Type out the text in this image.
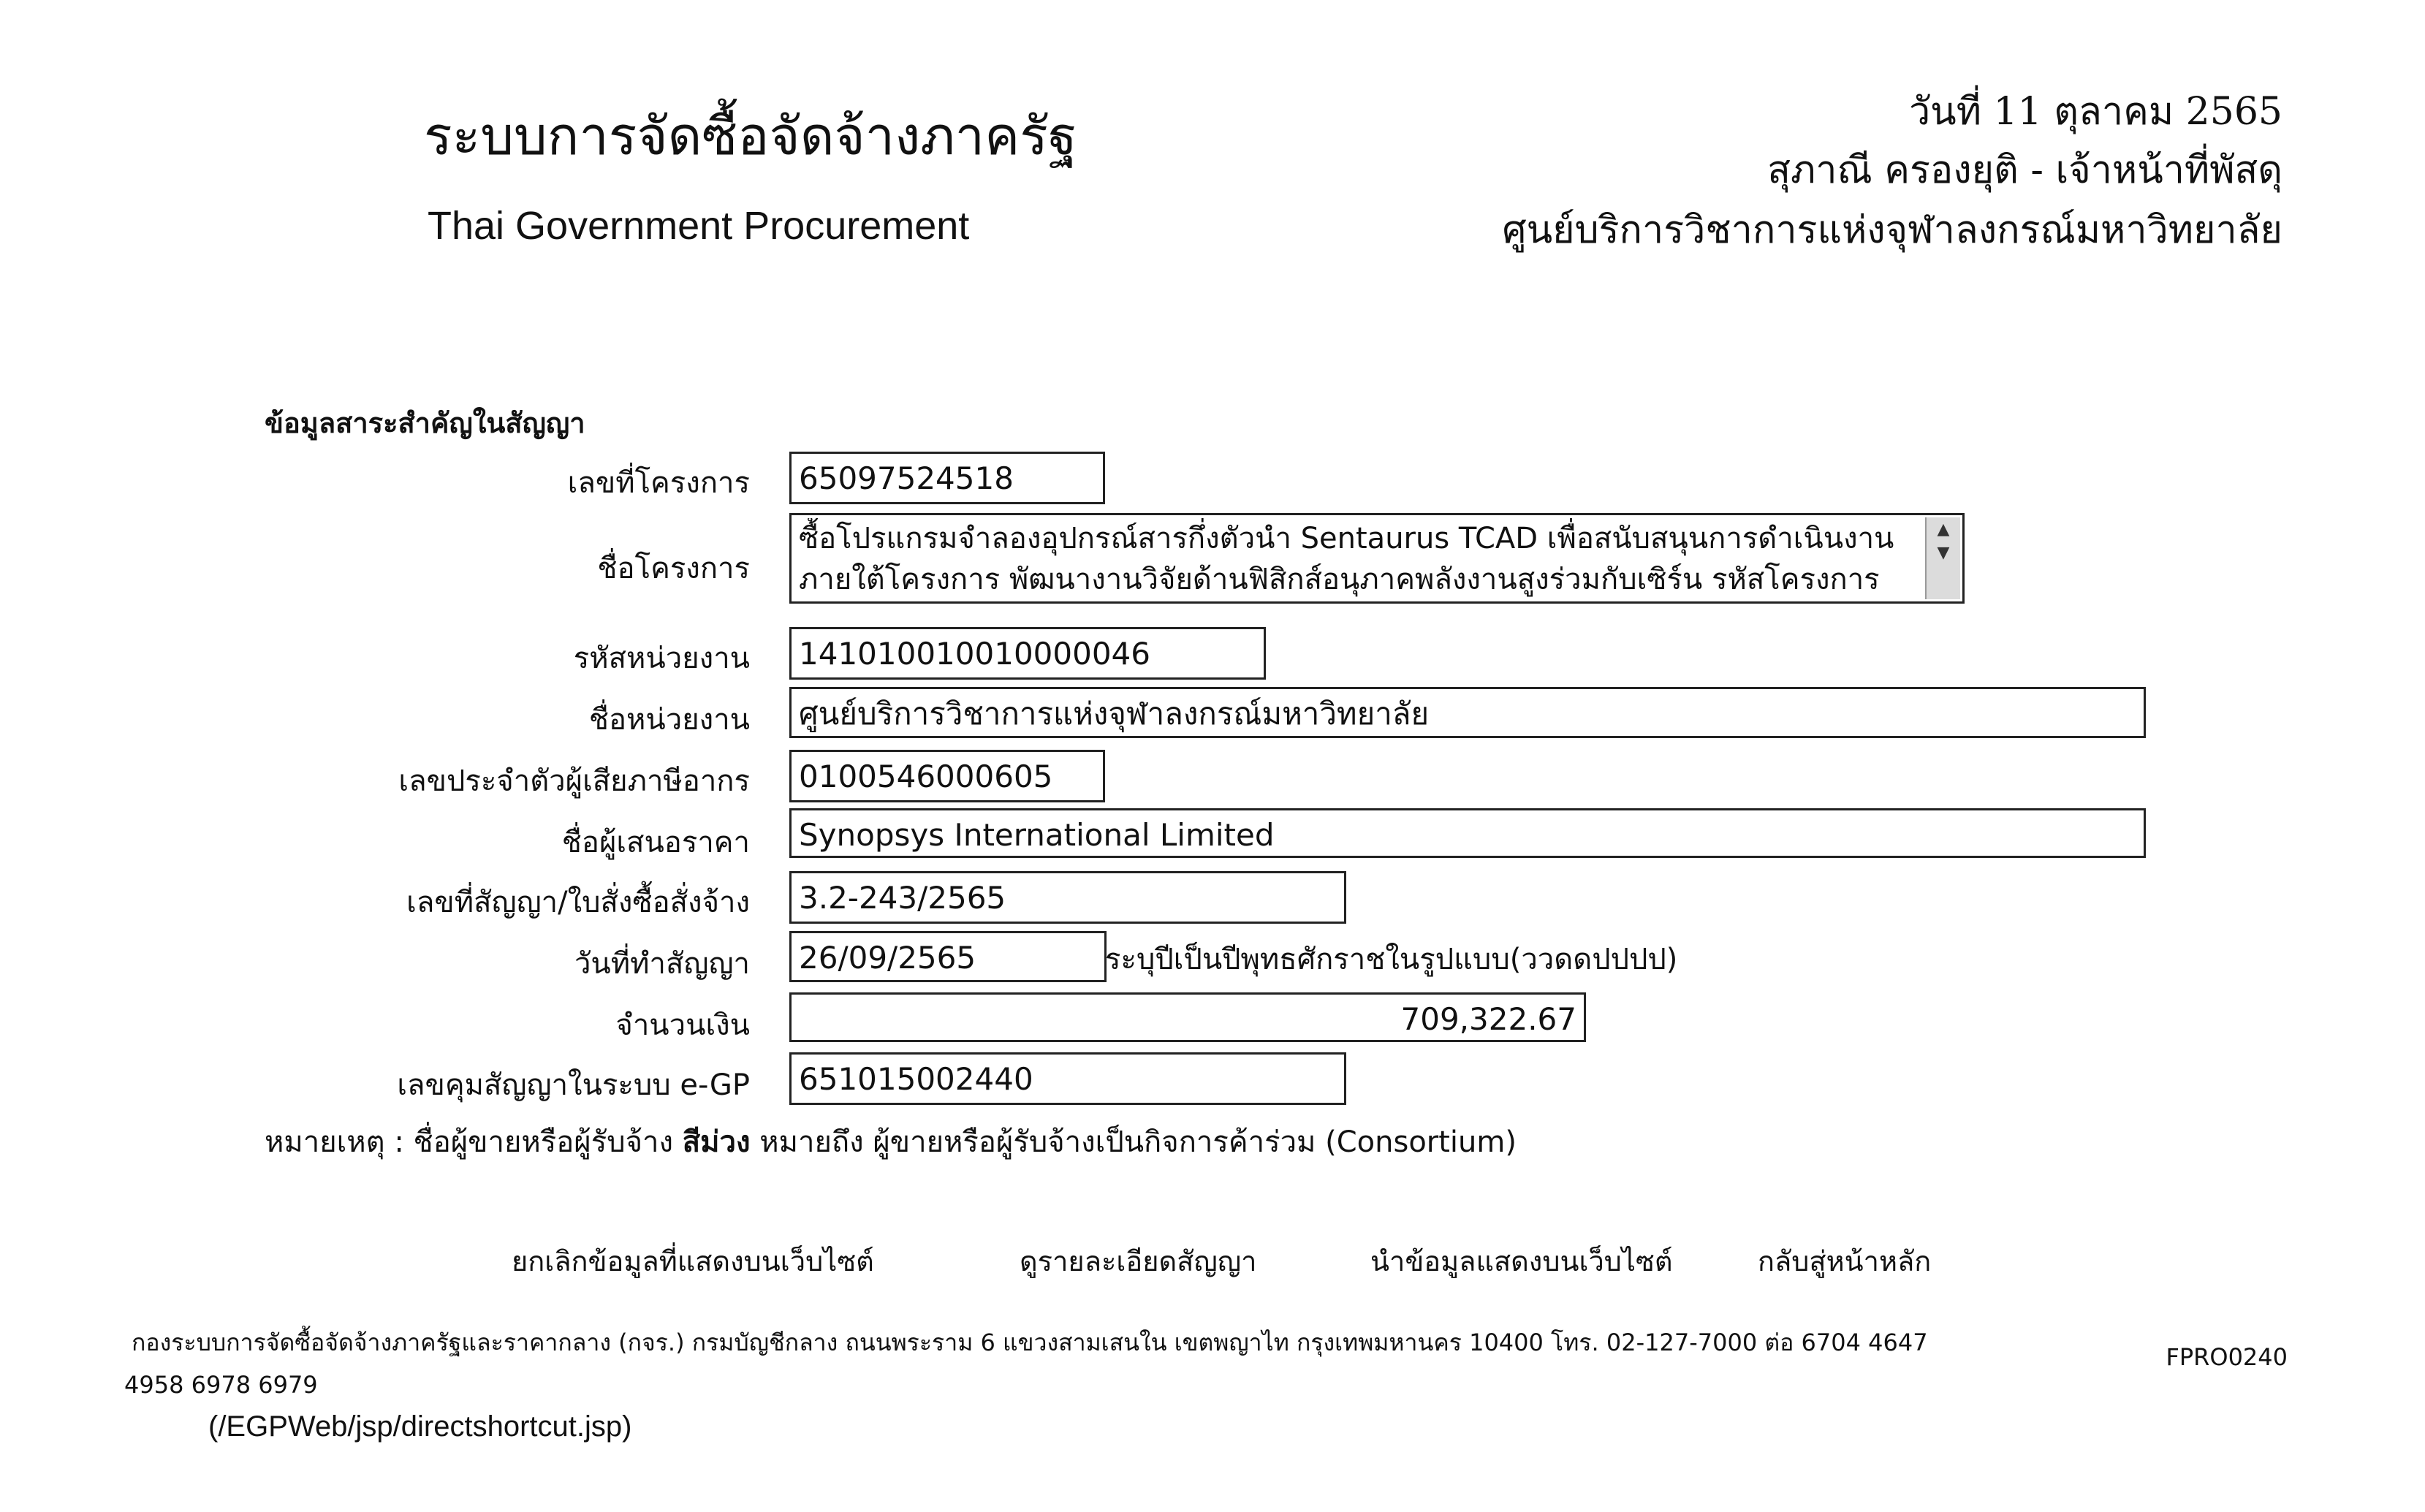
ระบบการจัดซื้อจัดจ้างภาครัฐ
Thai Government Procurement
วันที่ 11 ตุลาคม 2565
สุภาณี ครองยุติ - เจ้าหน้าที่พัสดุ
ศูนย์บริการวิชาการแห่งจุฬาลงกรณ์มหาวิทยาลัย
ข้อมูลสาระสำคัญในสัญญา
เลขที่โครงการ	65097524518
ชื่อโครงการ
ซื้อโปรแกรมจำลองอุปกรณ์สารกึ่งตัวนำ Sentaurus TCAD เพื่อสนับสนุนการดำเนินงาน
ภายใต้โครงการ พัฒนางานวิจัยด้านฟิสิกส์อนุภาคพลังงานสูงร่วมกับเซิร์น รหัสโครงการ
▲
▼
รหัสหน่วยงาน	141010010010000046
ชื่อหน่วยงาน	ศูนย์บริการวิชาการแห่งจุฬาลงกรณ์มหาวิทยาลัย
เลขประจำตัวผู้เสียภาษีอากร	0100546000605
ชื่อผู้เสนอราคา	Synopsys International Limited
เลขที่สัญญา/ใบสั่งซื้อสั่งจ้าง	3.2-243/2565
วันที่ทำสัญญา	26/09/2565	ระบุปีเป็นปีพุทธศักราชในรูปแบบ(ววดดปปปป)
จำนวนเงิน	709,322.67
เลขคุมสัญญาในระบบ e-GP	651015002440
หมายเหตุ : ชื่อผู้ขายหรือผู้รับจ้าง สีม่วง หมายถึง ผู้ขายหรือผู้รับจ้างเป็นกิจการค้าร่วม (Consortium)
ยกเลิกข้อมูลที่แสดงบนเว็บไซต์	ดูรายละเอียดสัญญา	นำข้อมูลแสดงบนเว็บไซต์	กลับสู่หน้าหลัก
กองระบบการจัดซื้อจัดจ้างภาครัฐและราคากลาง (กจร.) กรมบัญชีกลาง ถนนพระราม 6 แขวงสามเสนใน เขตพญาไท กรุงเทพมหานคร 10400 โทร. 02-127-7000 ต่อ 6704 4647
4958 6978 6979
FPRO0240
(/EGPWeb/jsp/directshortcut.jsp)
